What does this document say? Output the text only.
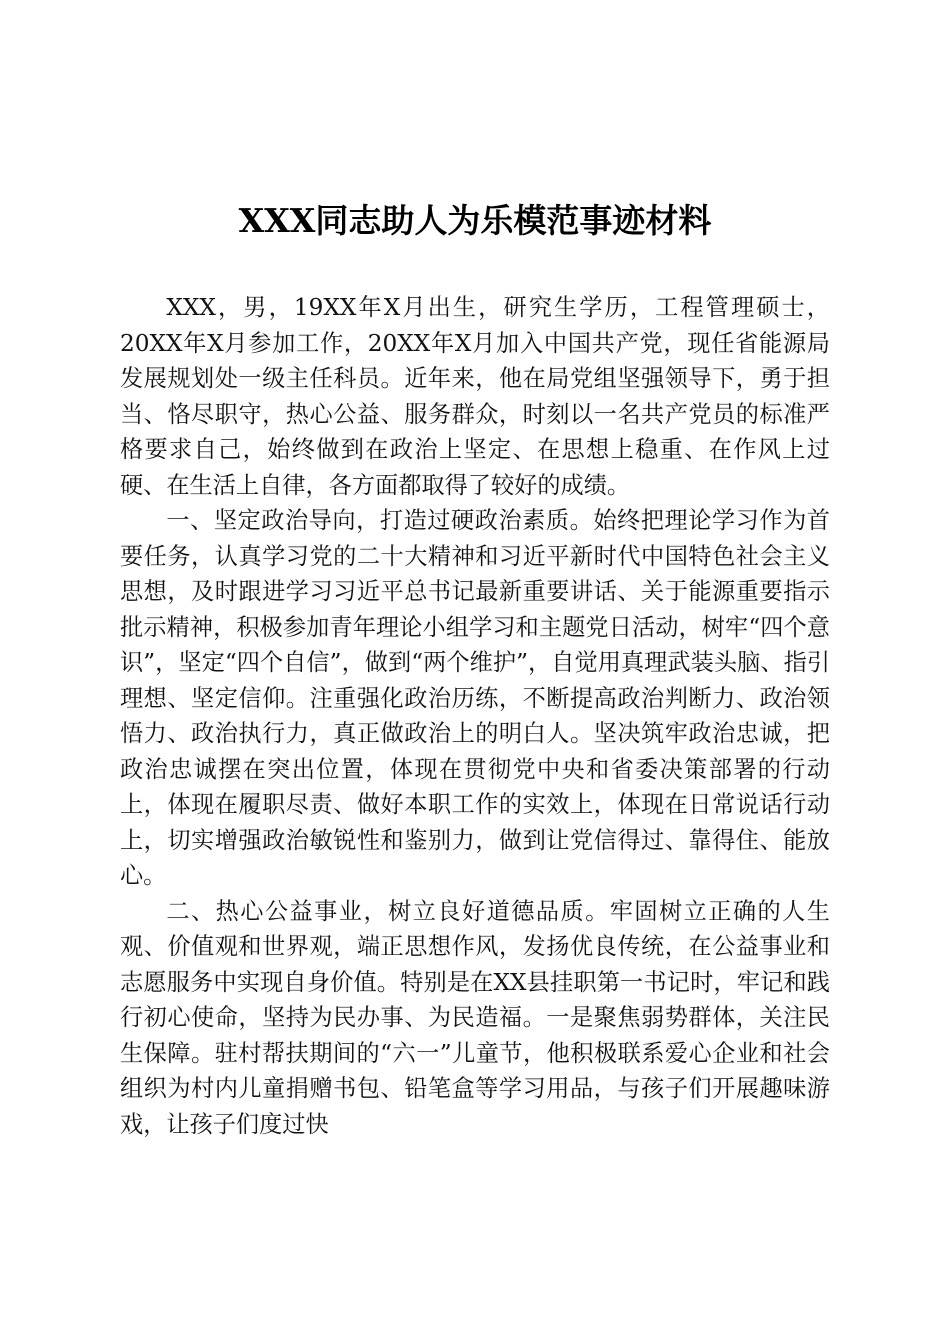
XXX同志助人为乐模范事迹材料

XXX，男，19XX年X月出生，研究生学历，工程管理硕士，20XX年X月参加工作，20XX年X月加入中国共产党，现任省能源局发展规划处一级主任科员。近年来，他在局党组坚强领导下，勇于担当、恪尽职守，热心公益、服务群众，时刻以一名共产党员的标准严格要求自己，始终做到在政治上坚定、在思想上稳重、在作风上过硬、在生活上自律，各方面都取得了较好的成绩。

一、坚定政治导向，打造过硬政治素质。始终把理论学习作为首要任务，认真学习党的二十大精神和习近平新时代中国特色社会主义思想，及时跟进学习习近平总书记最新重要讲话、关于能源重要指示批示精神，积极参加青年理论小组学习和主题党日活动，树牢“四个意识”，坚定“四个自信”，做到“两个维护”，自觉用真理武装头脑、指引理想、坚定信仰。注重强化政治历练，不断提高政治判断力、政治领悟力、政治执行力，真正做政治上的明白人。坚决筑牢政治忠诚，把政治忠诚摆在突出位置，体现在贯彻党中央和省委决策部署的行动上，体现在履职尽责、做好本职工作的实效上，体现在日常说话行动上，切实增强政治敏锐性和鉴别力，做到让党信得过、靠得住、能放心。

二、热心公益事业，树立良好道德品质。牢固树立正确的人生观、价值观和世界观，端正思想作风，发扬优良传统，在公益事业和志愿服务中实现自身价值。特别是在XX县挂职第一书记时，牢记和践行初心使命，坚持为民办事、为民造福。一是聚焦弱势群体，关注民生保障。驻村帮扶期间的“六一”儿童节，他积极联系爱心企业和社会组织为村内儿童捐赠书包、铅笔盒等学习用品，与孩子们开展趣味游戏，让孩子们度过快
